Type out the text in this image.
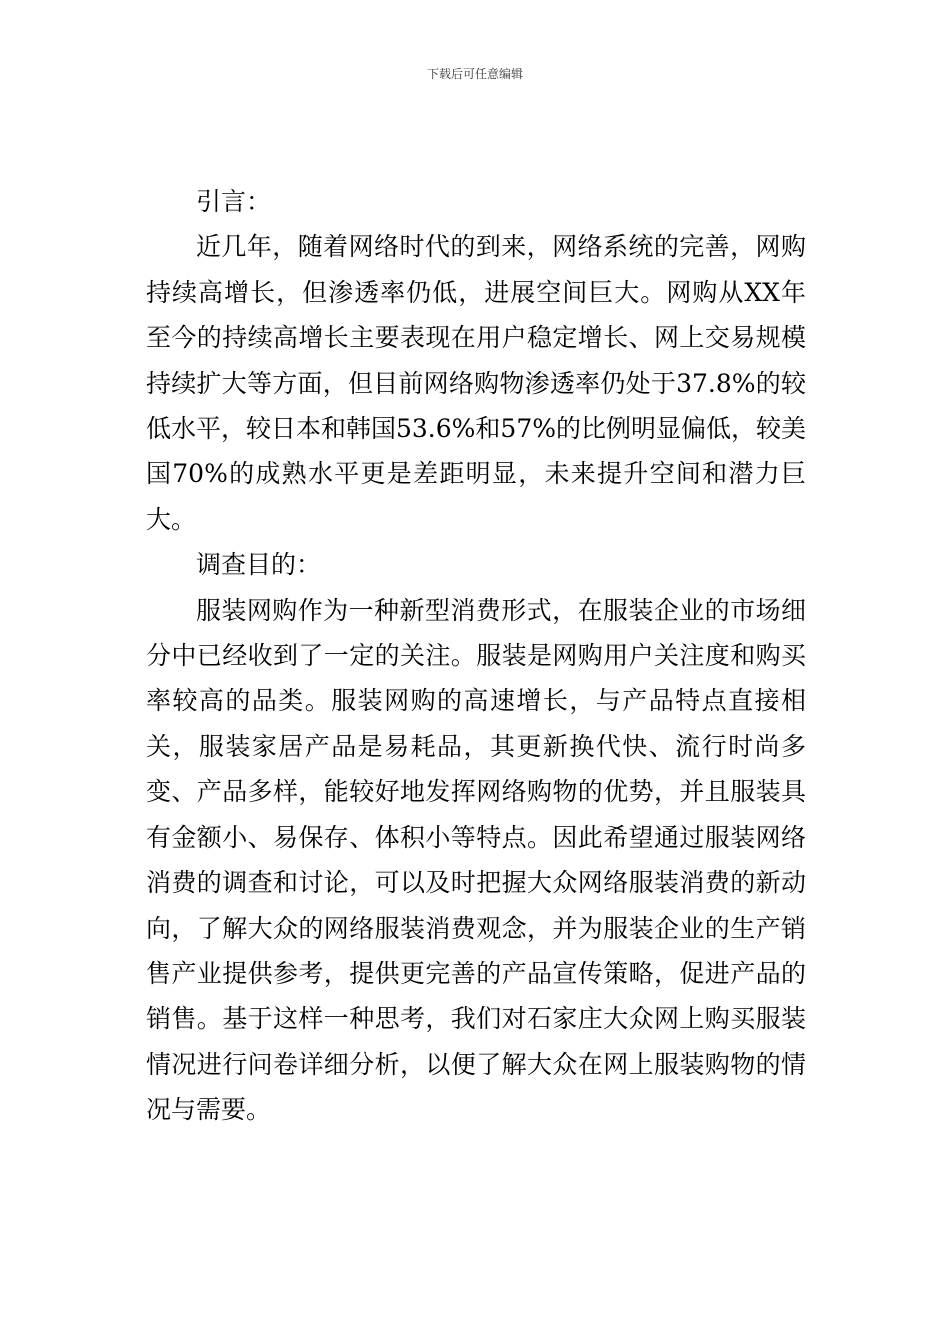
下载后可任意编辑

引言：

近几年，随着网络时代的到来，网络系统的完善，网购持续高增长，但渗透率仍低，进展空间巨大。网购从XX年至今的持续高增长主要表现在用户稳定增长、网上交易规模持续扩大等方面，但目前网络购物渗透率仍处于37.8%的较低水平，较日本和韩国53.6%和57%的比例明显偏低，较美国70%的成熟水平更是差距明显，未来提升空间和潜力巨大。

调查目的：

服装网购作为一种新型消费形式，在服装企业的市场细分中已经收到了一定的关注。服装是网购用户关注度和购买率较高的品类。服装网购的高速增长，与产品特点直接相关，服装家居产品是易耗品，其更新换代快、流行时尚多变、产品多样，能较好地发挥网络购物的优势，并且服装具有金额小、易保存、体积小等特点。因此希望通过服装网络消费的调查和讨论，可以及时把握大众网络服装消费的新动向，了解大众的网络服装消费观念，并为服装企业的生产销售产业提供参考，提供更完善的产品宣传策略，促进产品的销售。基于这样一种思考，我们对石家庄大众网上购买服装情况进行问卷详细分析，以便了解大众在网上服装购物的情况与需要。
